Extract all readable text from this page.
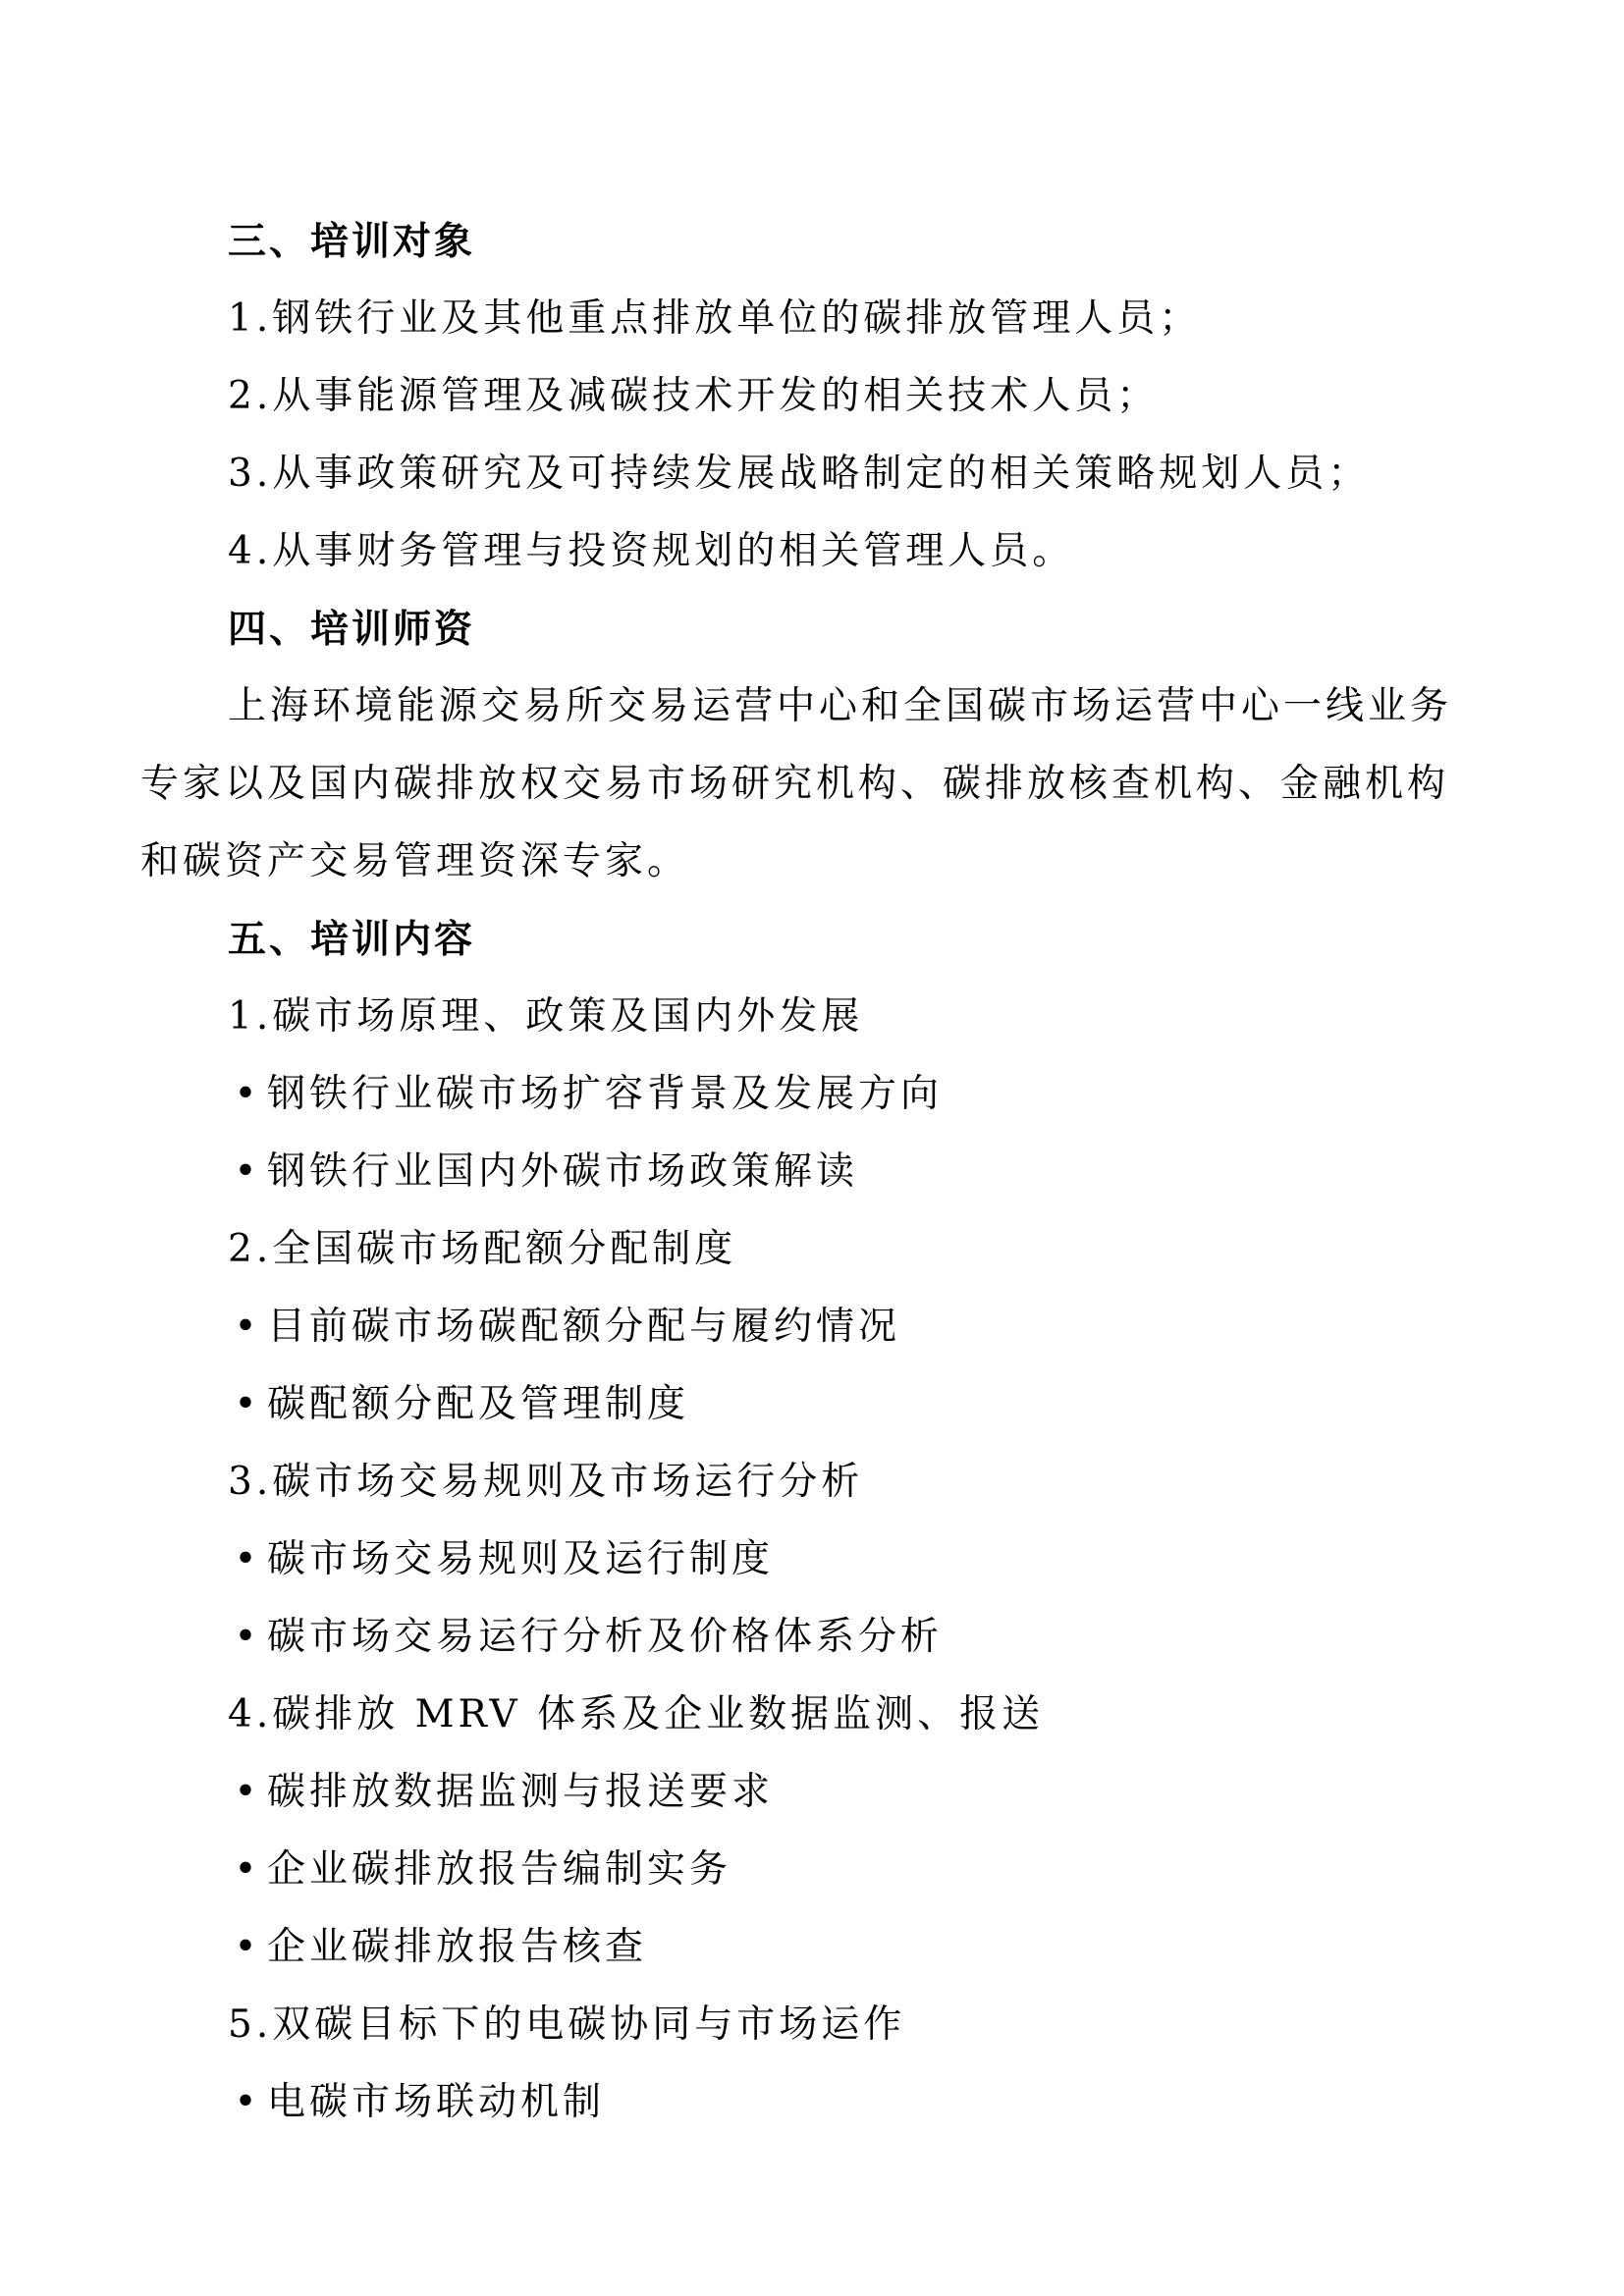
三、培训对象
1.钢铁行业及其他重点排放单位的碳排放管理人员；
2.从事能源管理及减碳技术开发的相关技术人员；
3.从事政策研究及可持续发展战略制定的相关策略规划人员；
4.从事财务管理与投资规划的相关管理人员。
四、培训师资
上海环境能源交易所交易运营中心和全国碳市场运营中心一线业务
专家以及国内碳排放权交易市场研究机构、碳排放核查机构、金融机构
和碳资产交易管理资深专家。
五、培训内容
1.碳市场原理、政策及国内外发展
• 钢铁行业碳市场扩容背景及发展方向
• 钢铁行业国内外碳市场政策解读
2.全国碳市场配额分配制度
• 目前碳市场碳配额分配与履约情况
• 碳配额分配及管理制度
3.碳市场交易规则及市场运行分析
• 碳市场交易规则及运行制度
• 碳市场交易运行分析及价格体系分析
4.碳排放 MRV 体系及企业数据监测、报送
• 碳排放数据监测与报送要求
• 企业碳排放报告编制实务
• 企业碳排放报告核查
5.双碳目标下的电碳协同与市场运作
• 电碳市场联动机制
